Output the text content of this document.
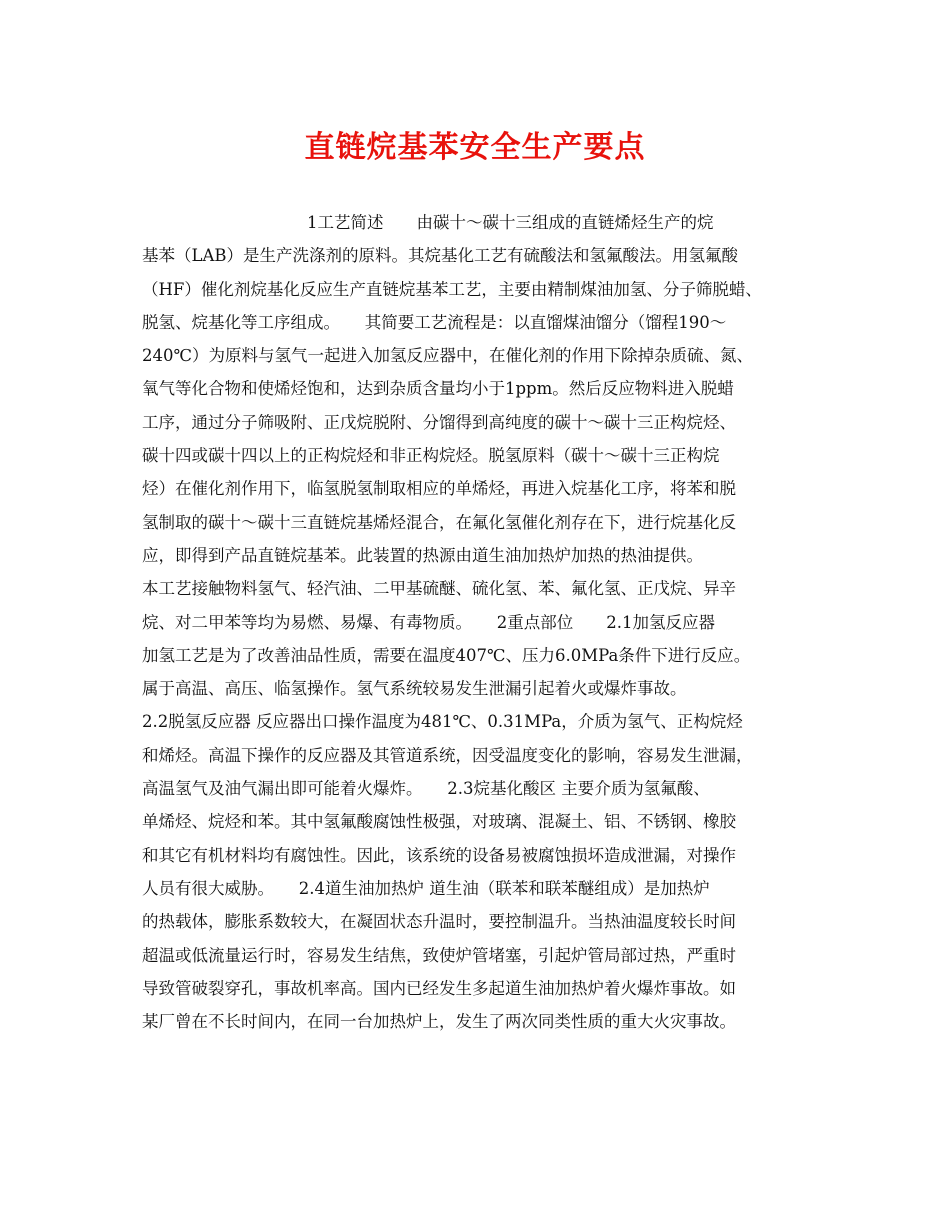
直链烷基苯安全生产要点
　　　　　　　　　　1工艺简述　　由碳十～碳十三组成的直链烯烃生产的烷
基苯（LAB）是生产洗涤剂的原料。其烷基化工艺有硫酸法和氢氟酸法。用氢氟酸
（HF）催化剂烷基化反应生产直链烷基苯工艺，主要由精制煤油加氢、分子筛脱蜡、
脱氢、烷基化等工序组成。　　其简要工艺流程是：以直馏煤油馏分（馏程190～
240℃）为原料与氢气一起进入加氢反应器中，在催化剂的作用下除掉杂质硫、氮、
氧气等化合物和使烯烃饱和，达到杂质含量均小于1ppm。然后反应物料进入脱蜡
工序，通过分子筛吸附、正戊烷脱附、分馏得到高纯度的碳十～碳十三正构烷烃、
碳十四或碳十四以上的正构烷烃和非正构烷烃。脱氢原料（碳十～碳十三正构烷
烃）在催化剂作用下，临氢脱氢制取相应的单烯烃，再进入烷基化工序，将苯和脱
氢制取的碳十～碳十三直链烷基烯烃混合，在氟化氢催化剂存在下，进行烷基化反
应，即得到产品直链烷基苯。此装置的热源由道生油加热炉加热的热油提供。
本工艺接触物料氢气、轻汽油、二甲基硫醚、硫化氢、苯、氟化氢、正戊烷、异辛
烷、对二甲苯等均为易燃、易爆、有毒物质。　　2重点部位　　2.1加氢反应器
加氢工艺是为了改善油品性质，需要在温度407℃、压力6.0MPa条件下进行反应。
属于高温、高压、临氢操作。氢气系统较易发生泄漏引起着火或爆炸事故。
2.2脱氢反应器 反应器出口操作温度为481℃、0.31MPa，介质为氢气、正构烷烃
和烯烃。高温下操作的反应器及其管道系统，因受温度变化的影响，容易发生泄漏，
高温氢气及油气漏出即可能着火爆炸。　　2.3烷基化酸区 主要介质为氢氟酸、
单烯烃、烷烃和苯。其中氢氟酸腐蚀性极强，对玻璃、混凝土、铝、不锈钢、橡胶
和其它有机材料均有腐蚀性。因此，该系统的设备易被腐蚀损坏造成泄漏，对操作
人员有很大威胁。　　2.4道生油加热炉 道生油（联苯和联苯醚组成）是加热炉
的热载体，膨胀系数较大，在凝固状态升温时，要控制温升。当热油温度较长时间
超温或低流量运行时，容易发生结焦，致使炉管堵塞，引起炉管局部过热，严重时
导致管破裂穿孔，事故机率高。国内已经发生多起道生油加热炉着火爆炸事故。如
某厂曾在不长时间内，在同一台加热炉上，发生了两次同类性质的重大火灾事故。
